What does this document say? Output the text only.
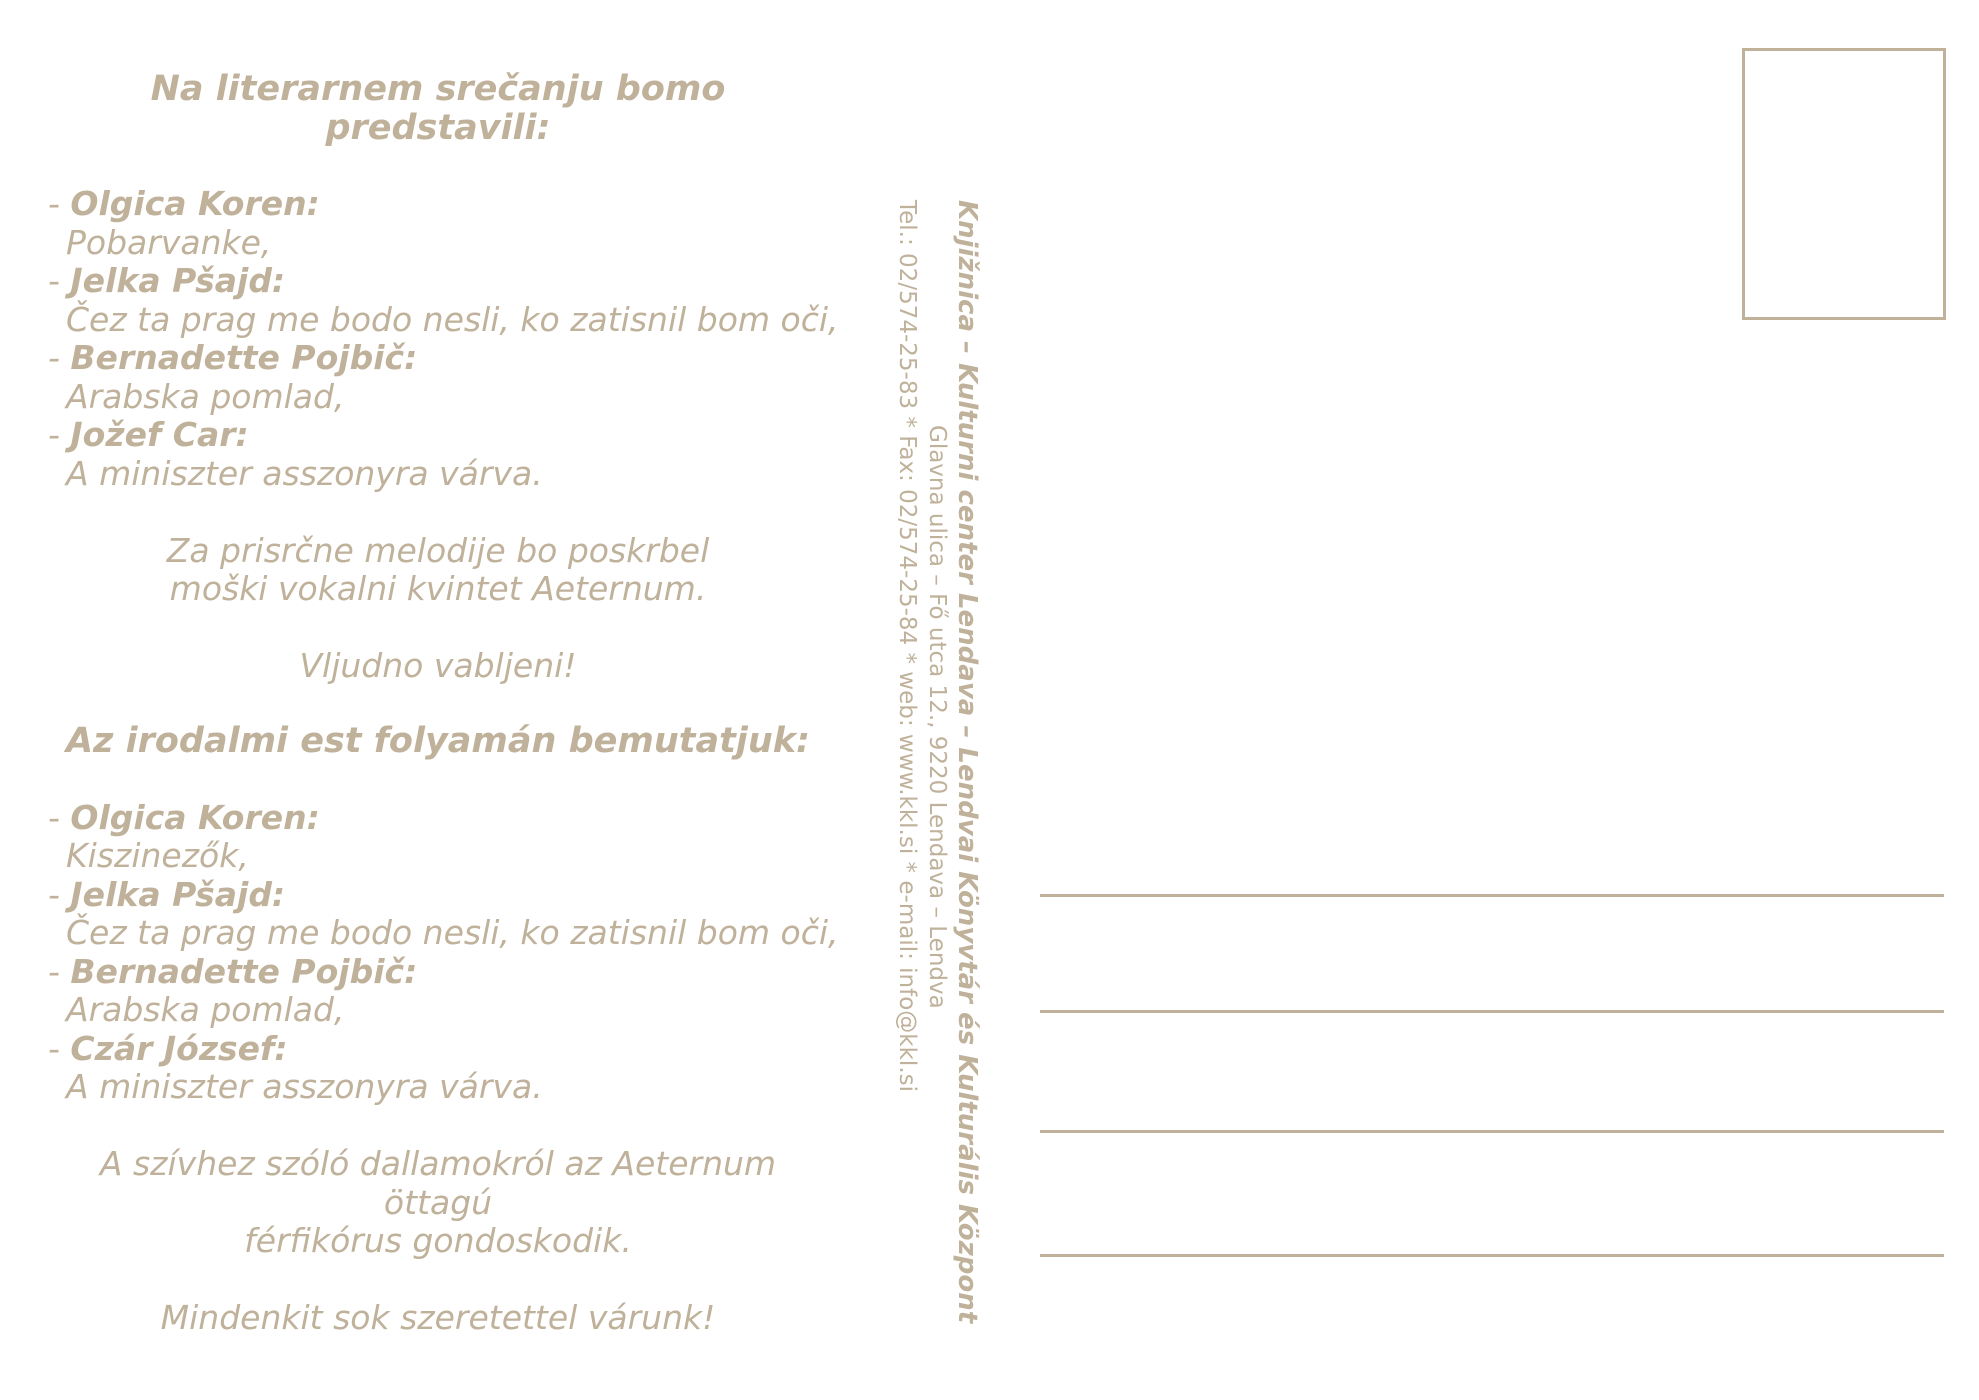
Na literarnem srečanju bomo predstavili:
- Olgica Koren:
Pobarvanke,
- Jelka Pšajd:
Čez ta prag me bodo nesli, ko zatisnil bom oči,
- Bernadette Pojbič:
Arabska pomlad,
- Jožef Car:
A miniszter asszonyra várva.
Za prisrčne melodije bo poskrbel
moški vokalni kvintet Aeternum.
Vljudno vabljeni!
Az irodalmi est folyamán bemutatjuk:
- Olgica Koren:
Kiszinezők,
- Jelka Pšajd:
Čez ta prag me bodo nesli, ko zatisnil bom oči,
- Bernadette Pojbič:
Arabska pomlad,
- Czár József:
A miniszter asszonyra várva.
A szívhez szóló dallamokról az Aeternum öttagú
férfikórus gondoskodik.
Mindenkit sok szeretettel várunk!	Knjižnica – Kulturni center Lendava – Lendvai Könyvtár és Kulturális Központ
Glavna ulica – Fő utca 12., 9220 Lendava – Lendva
Tel.: 02/574-25-83 * Fax: 02/574-25-84 * web: www.kkl.si * e-mail: info@kkl.si
